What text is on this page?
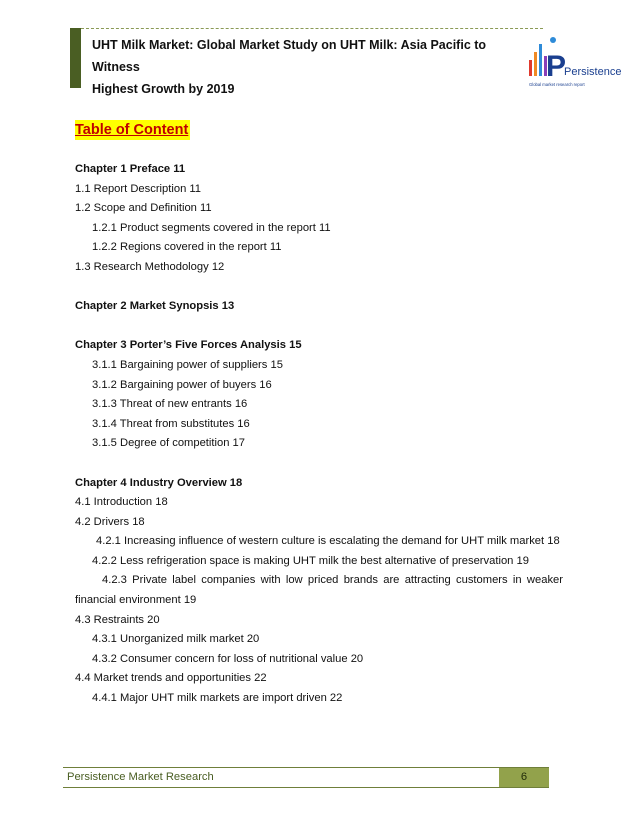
UHT Milk Market: Global Market Study on UHT Milk: Asia Pacific to Witness
Highest Growth by 2019
P
Persistence
Global market research report
Table of Content
Chapter 1 Preface 11
1.1 Report Description 11
1.2 Scope and Definition 11
1.2.1 Product segments covered in the report 11
1.2.2 Regions covered in the report 11
1.3 Research Methodology 12
Chapter 2 Market Synopsis 13
Chapter 3 Porter’s Five Forces Analysis 15
3.1.1 Bargaining power of suppliers 15
3.1.2 Bargaining power of buyers 16
3.1.3 Threat of new entrants 16
3.1.4 Threat from substitutes 16
3.1.5 Degree of competition 17
Chapter 4 Industry Overview 18
4.1 Introduction 18
4.2 Drivers 18
4.2.1 Increasing influence of western culture is escalating the demand for UHT milk market 18
4.2.2 Less refrigeration space is making UHT milk the best alternative of preservation 19
4.2.3 Private label companies with low priced brands are attracting customers in weaker financial environment 19
4.3 Restraints 20
4.3.1 Unorganized milk market 20
4.3.2 Consumer concern for loss of nutritional value 20
4.4 Market trends and opportunities 22
4.4.1 Major UHT milk markets are import driven 22
Persistence Market Research	6
